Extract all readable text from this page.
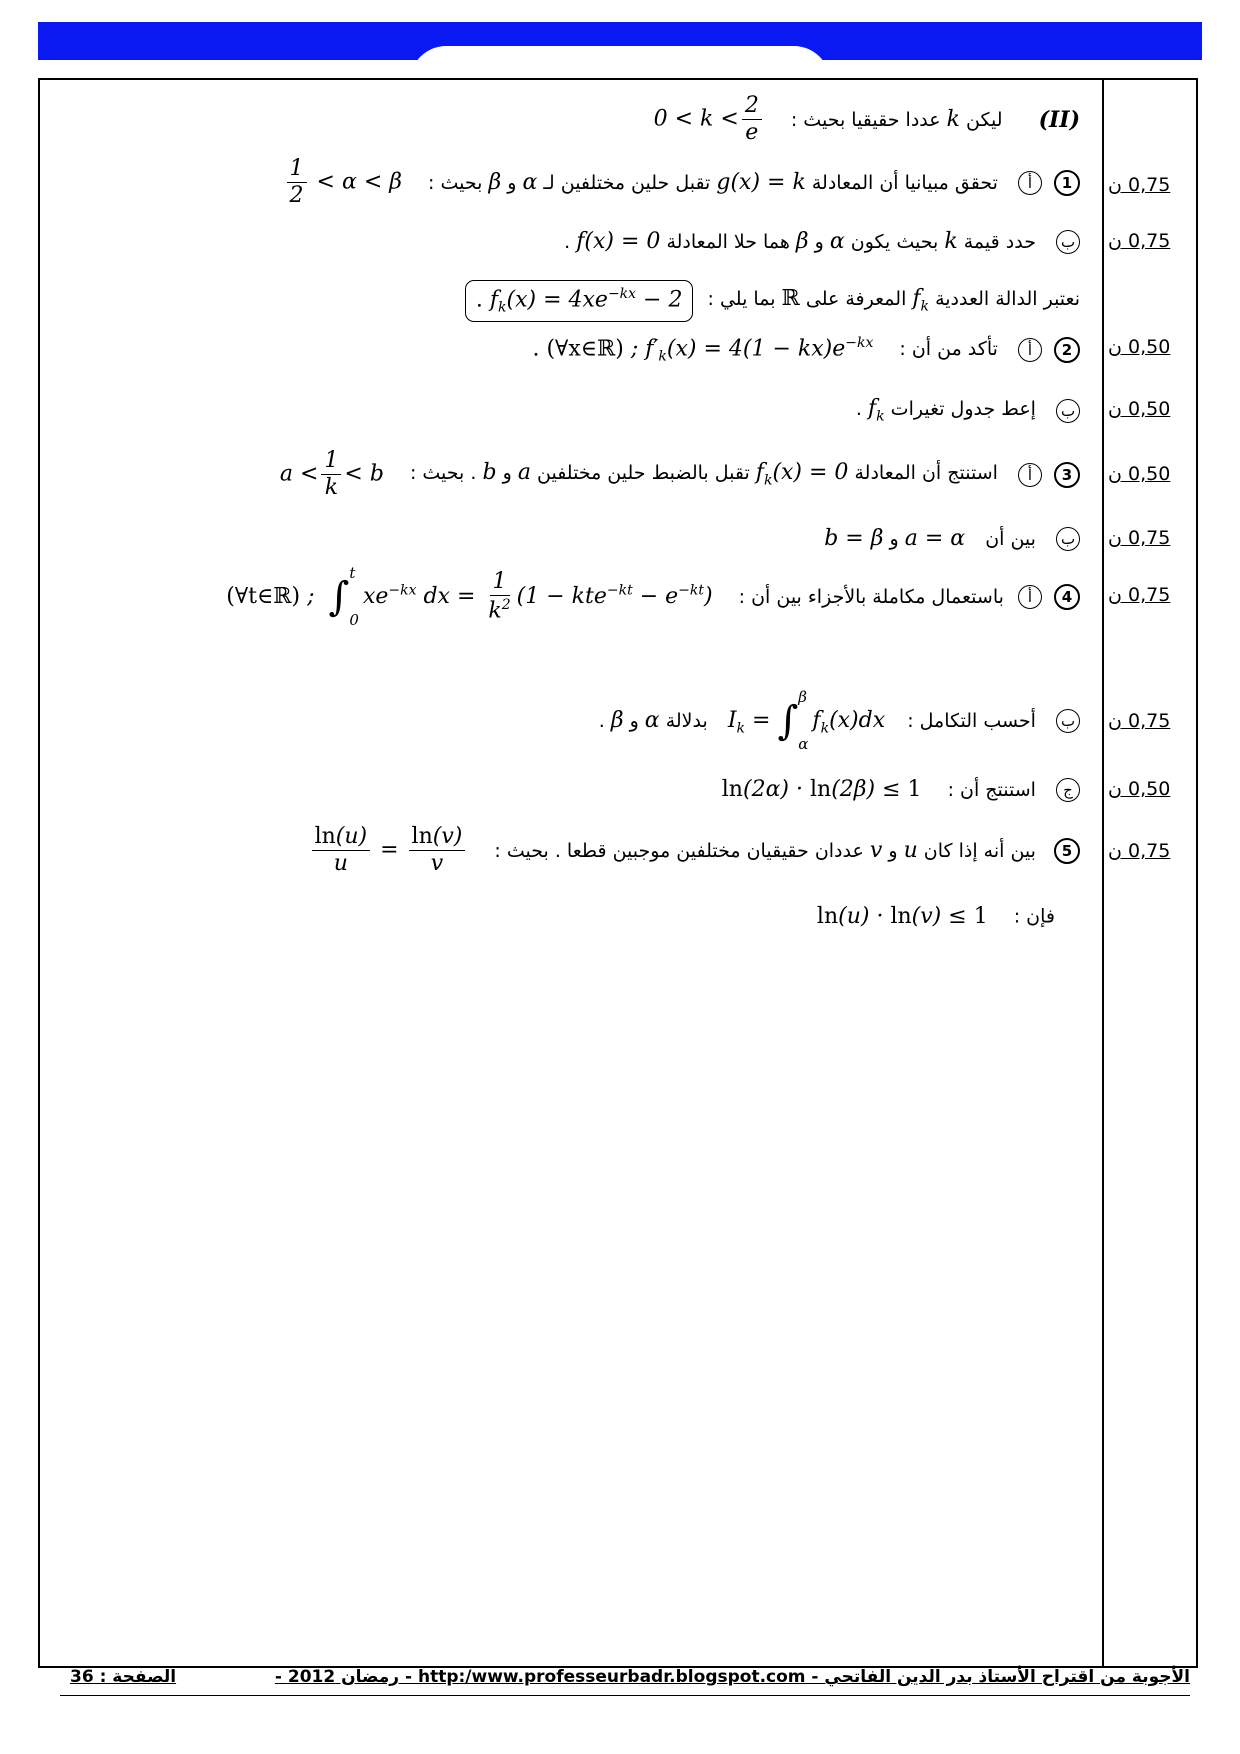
(II) ليكن k عددا حقيقيا بحيث : $0 < k < \frac{2}{e}$
ن 0,75
1 أ تحقق مبيانيا أن المعادلة g(x) = k تقبل حلين مختلفين لـ α و β بحيث :
$\frac{1}{2} < \alpha < \beta$
ن 0,75
ب حدد قيمة k بحيث يكون α و β هما حلا المعادلة f(x) = 0 .
نعتبر الدالة العددية $f_k$ المعرفة على ℝ بما يلي : . $f_k(x) = 4xe^{-kx} - 2$
ن 0,50
2 أ تأكد من أن : . (∀x∈ℝ) ; $f'_k(x) = 4(1 - kx)e^{-kx}$
ن 0,50
ب إعط جدول تغيرات $f_k$ .
ن 0,50
3 أ استنتج أن المعادلة $f_k(x) = 0$ تقبل بالضبط حلين مختلفين a و b . بحيث : $a < \frac{1}{k} < b$
ن 0,75
ب بين أن a = α و b = β
ن 0,75
4 أ باستعمال مكاملة بالأجزاء بين أن : (∀t∈ℝ) ;  ∫
t
0
$xe^{-kx}$ dx = $\frac{1}{k^2} (1 - kte^{-kt} - e^{-kt})$
ن 0,75
ب أحسب التكامل : $I_k$ = ∫
β
α
$f_k(x)dx$ بدلالة α و β .
ن 0,50
ج استنتج أن : ln(2α) · ln(2β) ≤ 1
ن 0,75
5 بين أنه إذا كان u و v عددان حقيقيان مختلفين موجبين قطعا . بحيث :
$\frac{\ln(u)}{u} = \frac{\ln(v)}{v}$
فإن : ln(u) · ln(v) ≤ 1
الأجوبة من اقتراح الأستاذ بدر الدين الفاتحي - http:/www.professeurbadr.blogspot.com - رمضان 2012 -
الصفحة : 36
